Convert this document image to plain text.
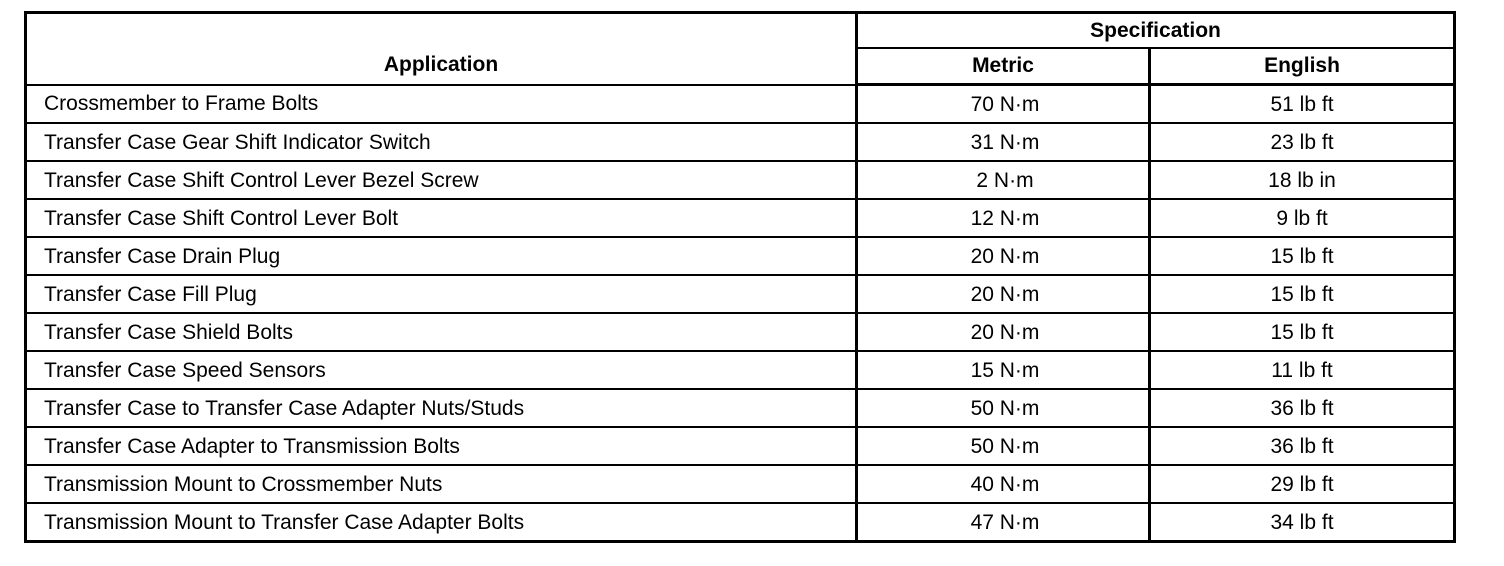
Application	Specification	
	Metric	English
Crossmember to Frame Bolts	70 N·m	51 lb ft
Transfer Case Gear Shift Indicator Switch	31 N·m	23 lb ft
Transfer Case Shift Control Lever Bezel Screw	2 N·m	18 lb in
Transfer Case Shift Control Lever Bolt	12 N·m	9 lb ft
Transfer Case Drain Plug	20 N·m	15 lb ft
Transfer Case Fill Plug	20 N·m	15 lb ft
Transfer Case Shield Bolts	20 N·m	15 lb ft
Transfer Case Speed Sensors	15 N·m	11 lb ft
Transfer Case to Transfer Case Adapter Nuts/Studs	50 N·m	36 lb ft
Transfer Case Adapter to Transmission Bolts	50 N·m	36 lb ft
Transmission Mount to Crossmember Nuts	40 N·m	29 lb ft
Transmission Mount to Transfer Case Adapter Bolts	47 N·m	34 lb ft
